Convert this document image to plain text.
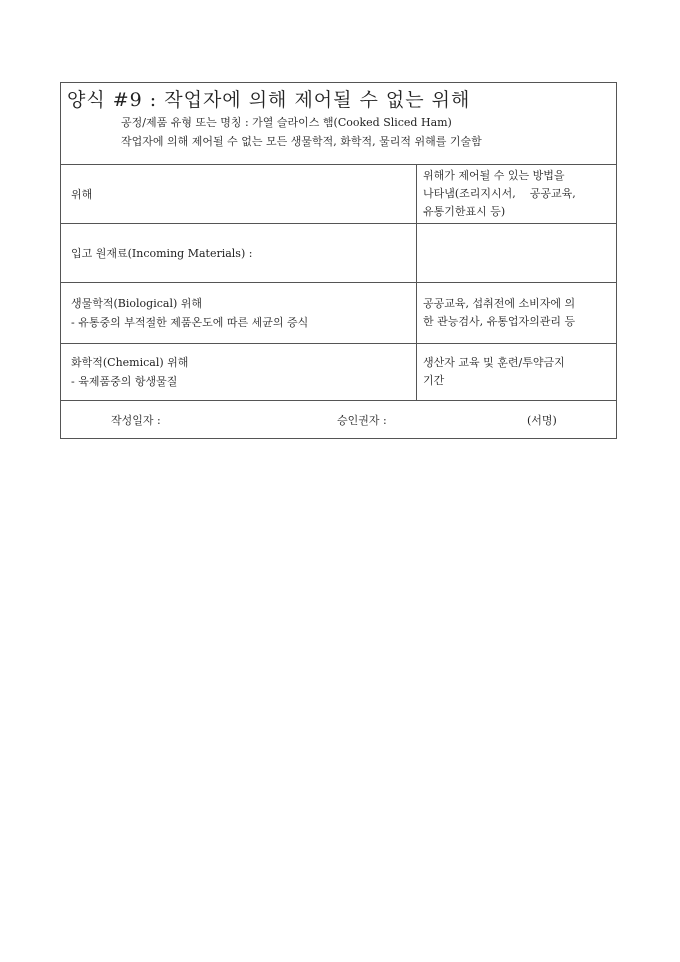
양식 #9 : 작업자에 의해 제어될 수 없는 위해
공정/제품 유형 또는 명칭 : 가열 슬라이스 햄(Cooked Sliced Ham)
작업자에 의해 제어될 수 없는 모든 생물학적, 화학적, 물리적 위해를 기술함
위해
위해가 제어될 수 있는 방법을
나타냄(조리지시서,    공공교육,
유통기한표시 등)
입고 원재료(Incoming Materials) :
생물학적(Biological) 위해
- 유통중의 부적절한 제품온도에 따른 세균의 증식
공공교육, 섭취전에 소비자에 의
한 관능검사, 유통업자의관리 등
화학적(Chemical) 위해
- 육제품중의 항생물질
생산자 교육 및 훈련/투약금지
기간
작성일자 :	승인권자 :	(서명)
